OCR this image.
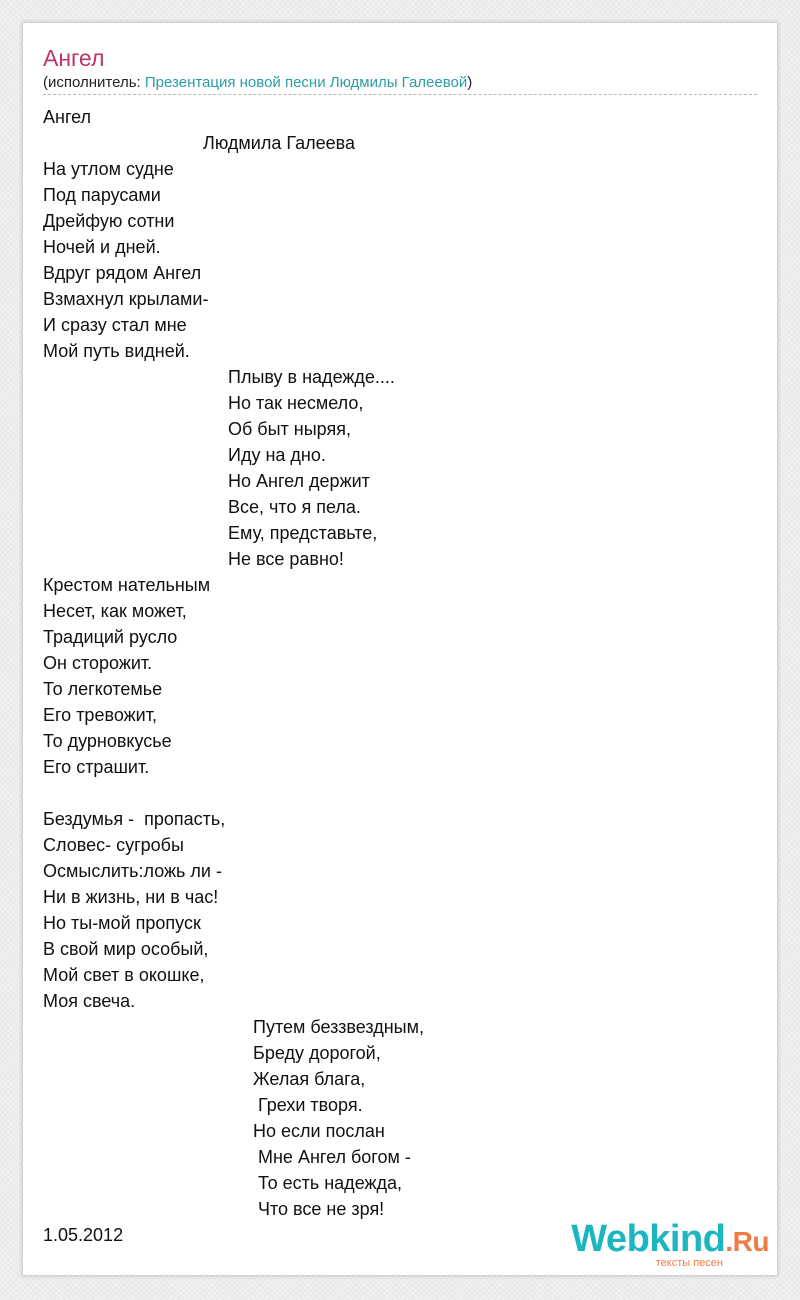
Ангел
(исполнитель: Презентация новой песни Людмилы Галеевой)
Ангел
Людмила Галеева
На утлом судне
Под парусами
Дрейфую сотни
Ночей и дней.
Вдруг рядом Ангел
Взмахнул крылами-
И сразу стал мне
Мой путь видней.
Плыву в надежде....
Но так несмело,
Об быт ныряя,
Иду на дно.
Но Ангел держит
Все, что я пела.
Ему, представьте,
Не все равно!
Крестом нательным
Несет, как может,
Традиций русло
Он сторожит.
То легкотемье
Его тревожит,
То дурновкусье
Его страшит.
Бездумья -  пропасть,
Словес- сугробы
Осмыслить:ложь ли -
Ни в жизнь, ни в час!
Но ты-мой пропуск
В свой мир особый,
Мой свет в окошке,
Моя свеча.
Путем беззвездным,
Бреду дорогой,
Желая блага,
Грехи творя.
Но если послан
Мне Ангел богом -
То есть надежда,
Что все не зря!
1.05.2012	Webkind.Ru
тексты песен
